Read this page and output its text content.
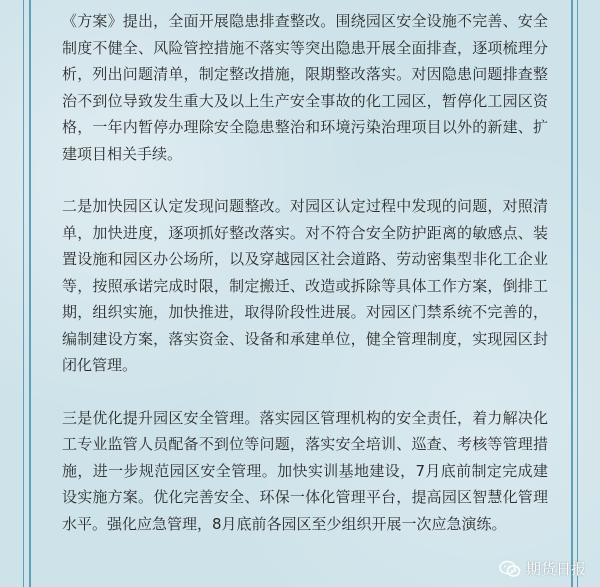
《方案》提出，全面开展隐患排查整改。围绕园区安全设施不完善、安全制度不健全、风险管控措施不落实等突出隐患开展全面排查，逐项梳理分析，列出问题清单，制定整改措施，限期整改落实。对因隐患问题排查整治不到位导致发生重大及以上生产安全事故的化工园区，暂停化工园区资格，一年内暂停办理除安全隐患整治和环境污染治理项目以外的新建、扩建项目相关手续。

二是加快园区认定发现问题整改。对园区认定过程中发现的问题，对照清单，加快进度，逐项抓好整改落实。对不符合安全防护距离的敏感点、装置设施和园区办公场所，以及穿越园区社会道路、劳动密集型非化工企业等，按照承诺完成时限，制定搬迁、改造或拆除等具体工作方案，倒排工期，组织实施，加快推进，取得阶段性进展。对园区门禁系统不完善的，编制建设方案，落实资金、设备和承建单位，健全管理制度，实现园区封闭化管理。

三是优化提升园区安全管理。落实园区管理机构的安全责任，着力解决化工专业监管人员配备不到位等问题，落实安全培训、巡查、考核等管理措施，进一步规范园区安全管理。加快实训基地建设，7月底前制定完成建设实施方案。优化完善安全、环保一体化管理平台，提高园区智慧化管理水平。强化应急管理，8月底前各园区至少组织开展一次应急演练。

期货日报
